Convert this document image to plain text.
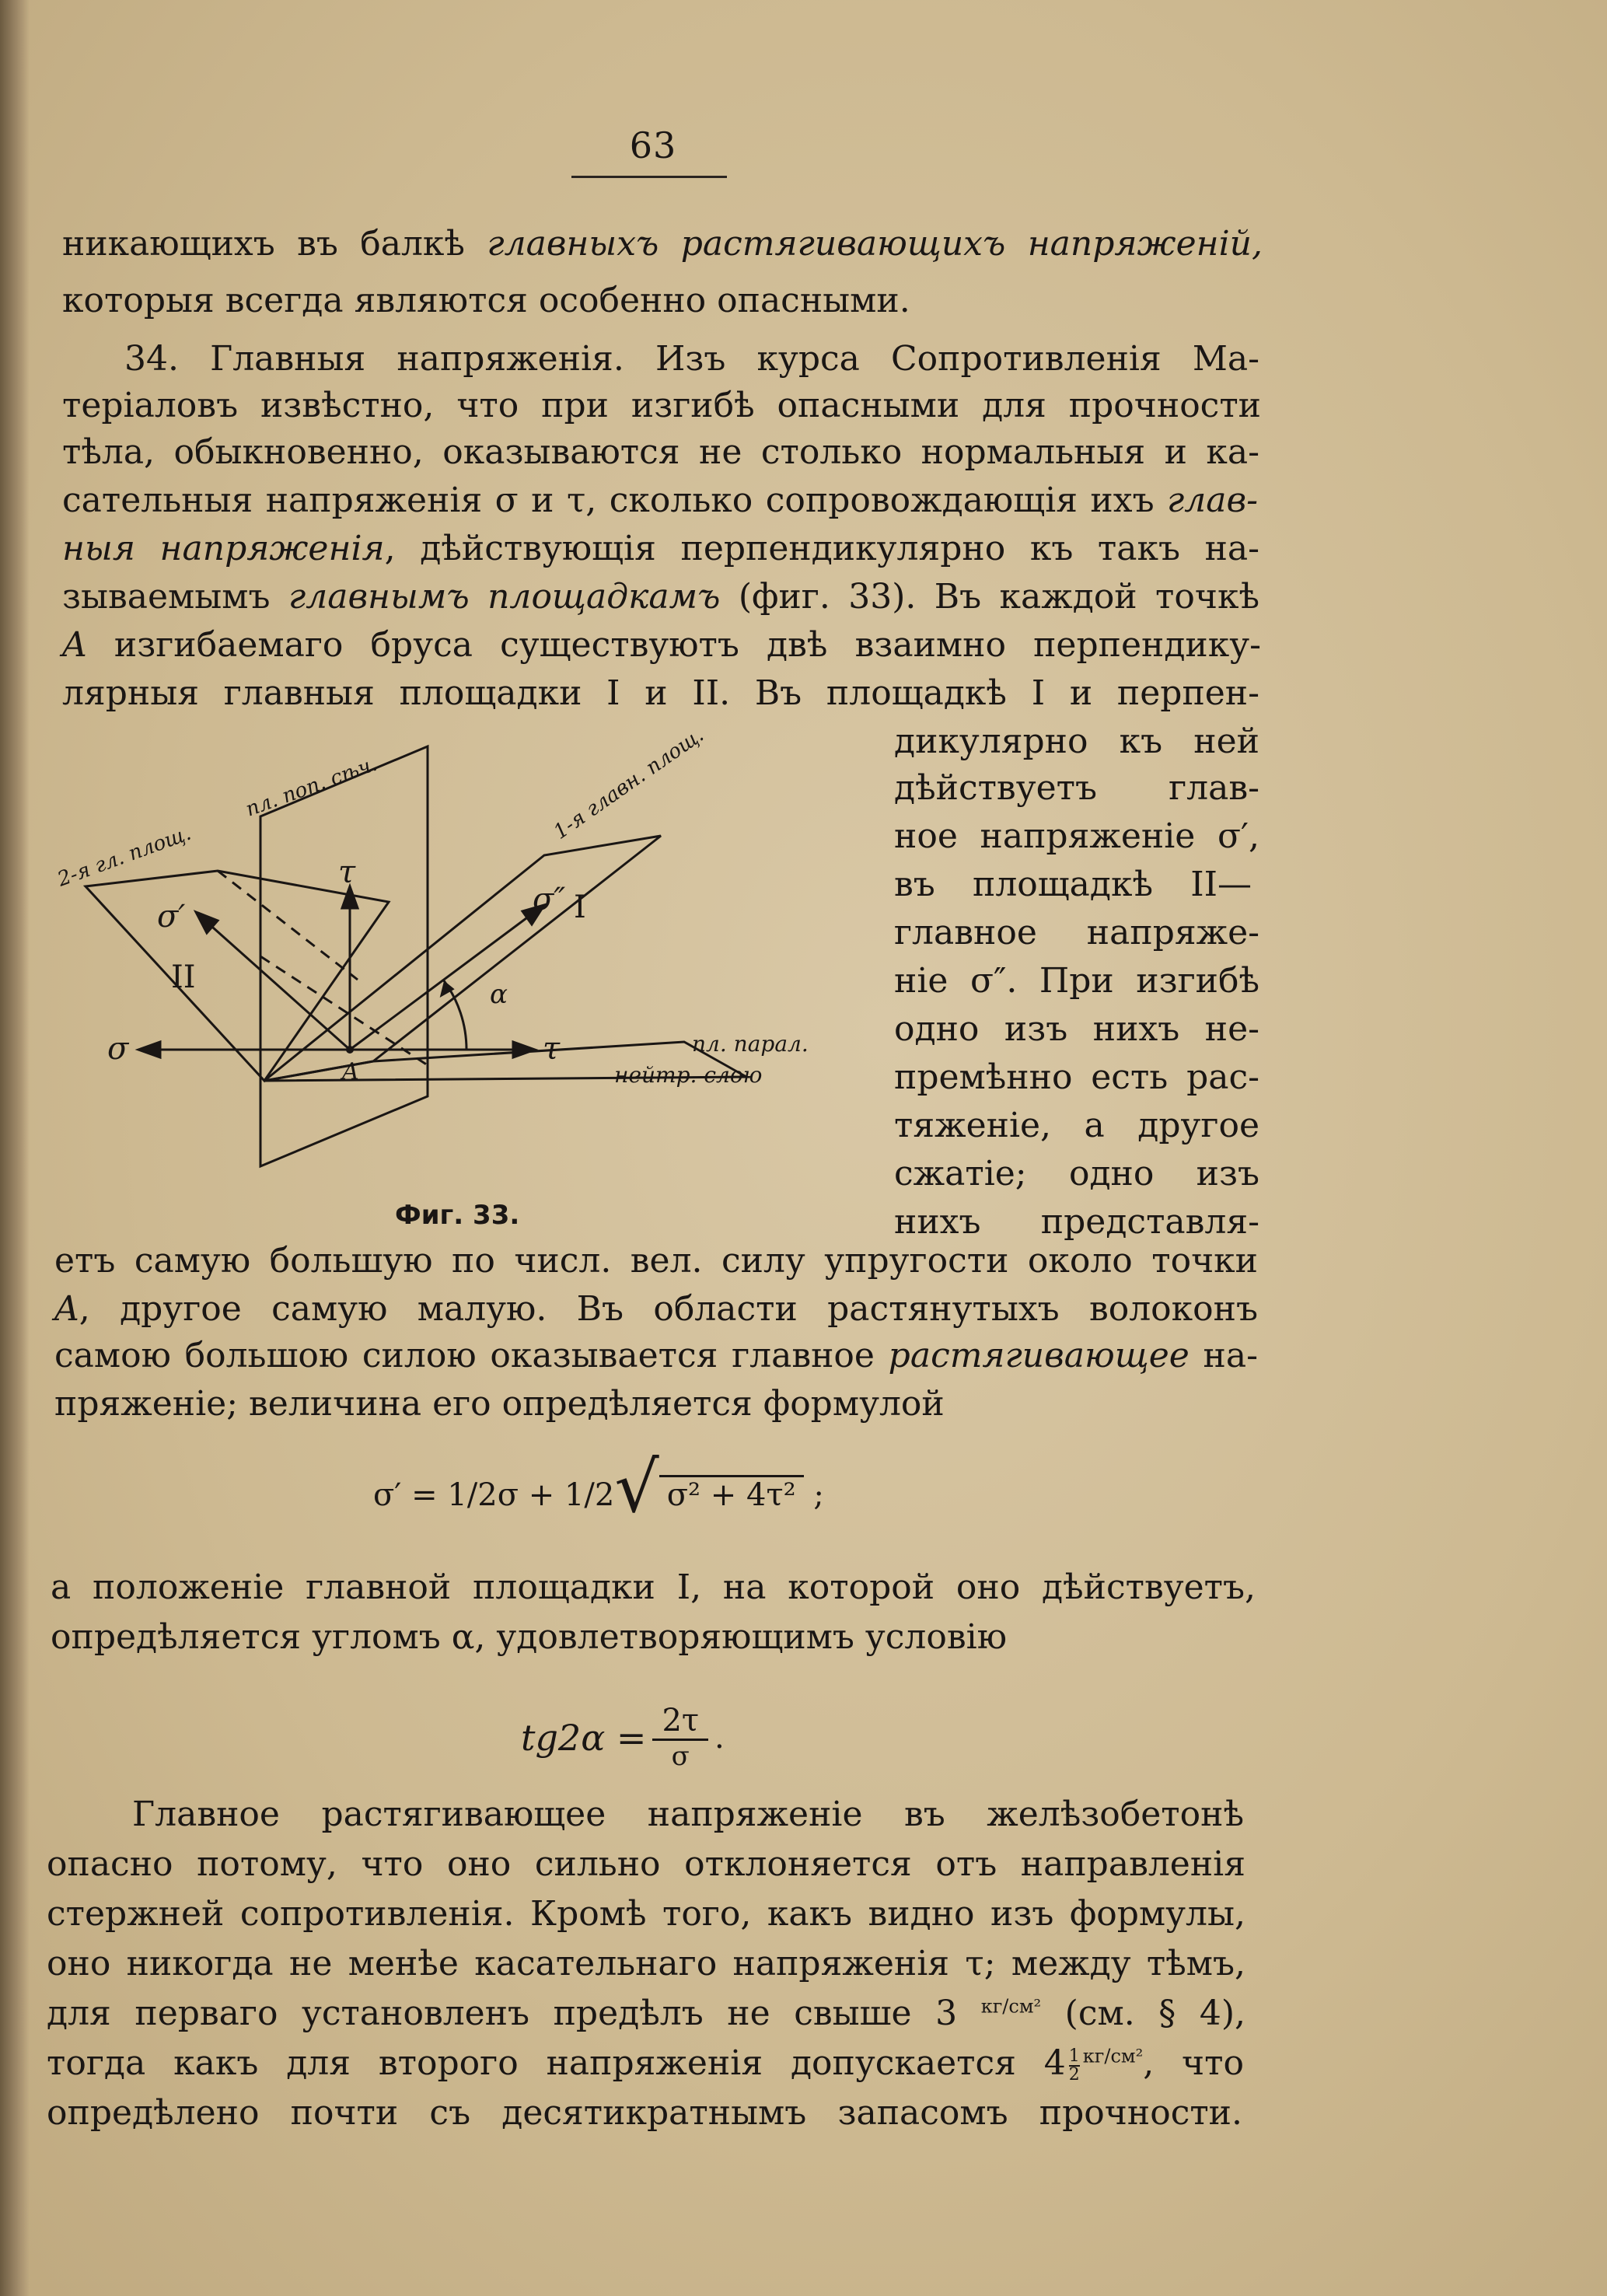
63
никающихъ въ балкѣ главныхъ растягивающихъ напряженій,
которыя всегда являются особенно опасными.
34. Главныя напряженія. Изъ курса Сопротивленія Ма-
теріаловъ извѣстно, что при изгибѣ опасными для прочности
тѣла, обыкновенно, оказываются не столько нормальныя и ка-
сательныя напряженія σ и τ, сколько сопровождающія ихъ глав-
ныя напряженія, дѣйствующія перпендикулярно къ такъ на-
зываемымъ главнымъ площадкамъ (фиг. 33). Въ каждой точкѣ
A изгибаемаго бруса существуютъ двѣ взаимно перпендику-
лярныя главныя площадки I и II. Въ площадкѣ I и перпен-
дикулярно къ ней
дѣйствуетъ глав-
ное напряженіе σ′,
въ площадкѣ II—
главное напряже-
ніе σ″. При изгибѣ
одно изъ нихъ не-
премѣнно есть рас-
тяженіе, а другое
сжатіе; одно изъ
нихъ представля-
пл. поп. сѣч.
2-я гл. площ.
1-я главн. площ.
пл. парал.
нейтр. слою
τ
τ
σ
σ′	σ″ I
II	α
A
Фиг. 33.
етъ самую большую по числ. вел. силу упругости около точки
A, другое самую малую. Въ области растянутыхъ волоконъ
самою большою силою оказывается главное растягивающее на-
пряженіе; величина его опредѣляется формулой
σ′ = 1/2σ + 1/2√ σ² + 4τ² ;
а положеніе главной площадки I, на которой оно дѣйствуетъ,
опредѣляется угломъ α, удовлетворяющимъ условію
$tg2\alpha = \frac{2\tau}{\sigma}$ .
Главное растягивающее напряженіе въ желѣзобетонѣ
опасно потому, что оно сильно отклоняется отъ направленія
стержней сопротивленія. Кромѣ того, какъ видно изъ формулы,
оно никогда не менѣе касательнаго напряженія τ; между тѣмъ,
для перваго установленъ предѣлъ не свыше 3 $^{кг/см^2}$ (см. § 4),
тогда какъ для второго напряженія допускается $4 \frac{1}{2} ^{кг/см^2}$, что
опредѣлено почти съ десятикратнымъ запасомъ прочности.
